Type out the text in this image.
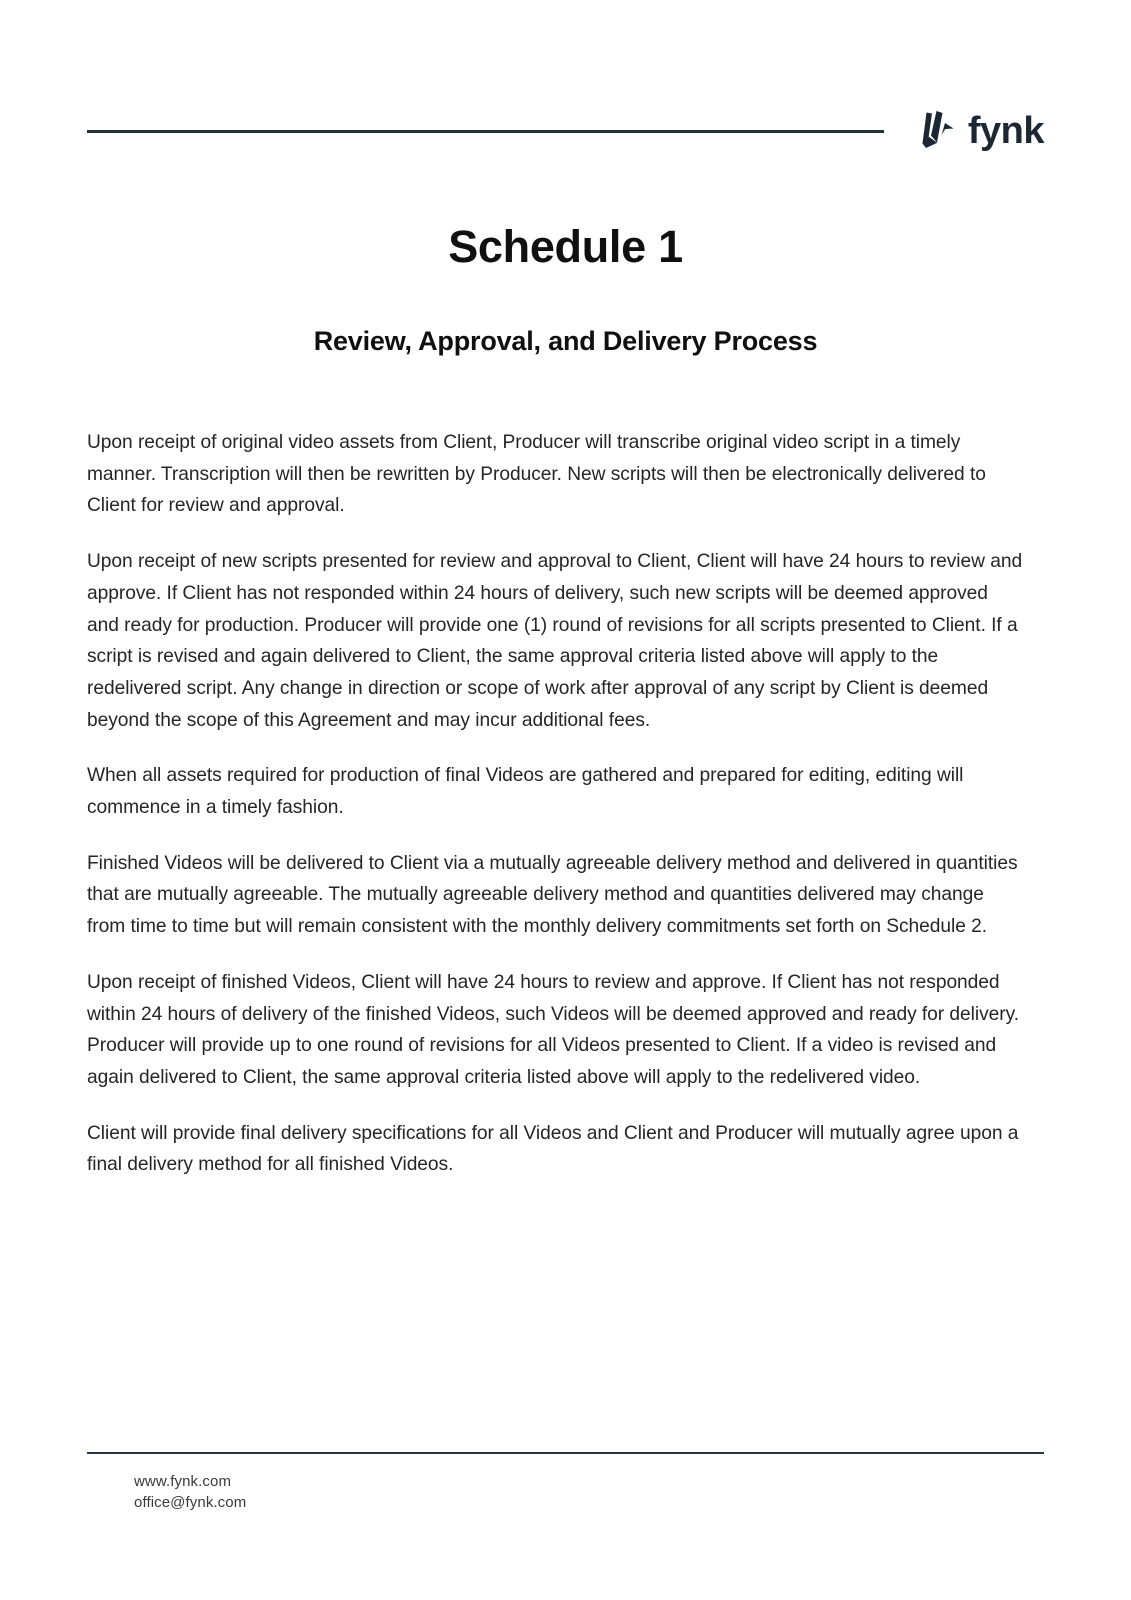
fynk
Schedule 1
Review, Approval, and Delivery Process

Upon receipt of original video assets from Client, Producer will transcribe original video script in a timely manner. Transcription will then be rewritten by Producer. New scripts will then be electronically delivered to Client for review and approval.

Upon receipt of new scripts presented for review and approval to Client, Client will have 24 hours to review and approve. If Client has not responded within 24 hours of delivery, such new scripts will be deemed approved and ready for production. Producer will provide one (1) round of revisions for all scripts presented to Client. If a script is revised and again delivered to Client, the same approval criteria listed above will apply to the redelivered script. Any change in direction or scope of work after approval of any script by Client is deemed beyond the scope of this Agreement and may incur additional fees.

When all assets required for production of final Videos are gathered and prepared for editing, editing will commence in a timely fashion.

Finished Videos will be delivered to Client via a mutually agreeable delivery method and delivered in quantities that are mutually agreeable. The mutually agreeable delivery method and quantities delivered may change from time to time but will remain consistent with the monthly delivery commitments set forth on Schedule 2.

Upon receipt of finished Videos, Client will have 24 hours to review and approve. If Client has not responded within 24 hours of delivery of the finished Videos, such Videos will be deemed approved and ready for delivery. Producer will provide up to one round of revisions for all Videos presented to Client. If a video is revised and again delivered to Client, the same approval criteria listed above will apply to the redelivered video.

Client will provide final delivery specifications for all Videos and Client and Producer will mutually agree upon a final delivery method for all finished Videos.

www.fynk.com
office@fynk.com
